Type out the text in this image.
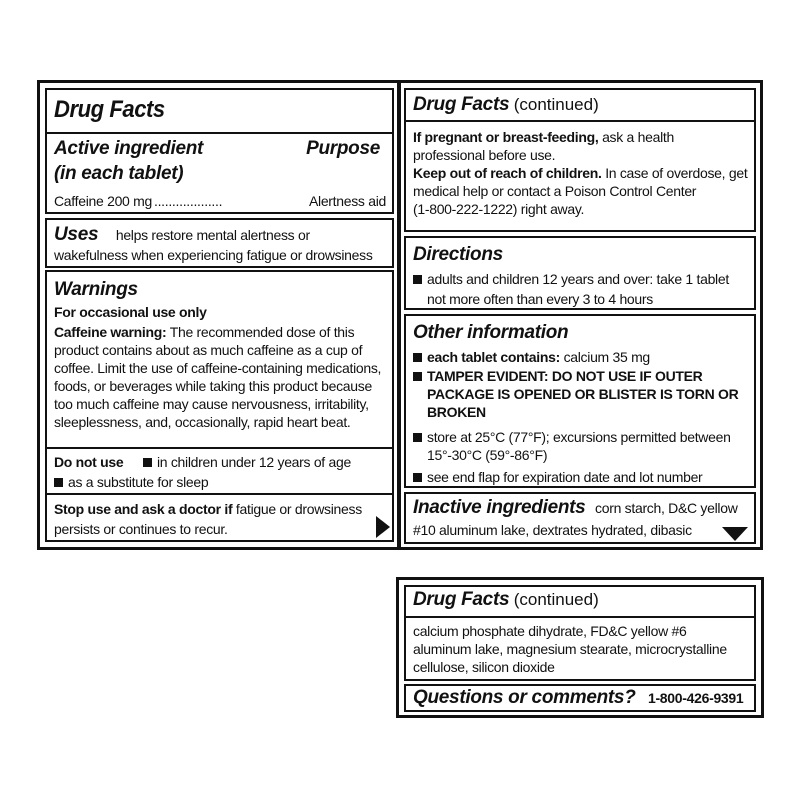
Drug Facts
Active ingredient
(in each tablet)
Purpose
Caffeine 200 mg ...................	Alertness aid
Uses helps restore mental alertness or
wakefulness when experiencing fatigue or drowsiness
Warnings
For occasional use only
Caffeine warning: The recommended dose of this
product contains about as much caffeine as a cup of
coffee. Limit the use of caffeine-containing medications,
foods, or beverages while taking this product because
too much caffeine may cause nervousness, irritability,
sleeplessness, and, occasionally, rapid heart beat.
Do not use in children under 12 years of age
as a substitute for sleep
Stop use and ask a doctor if fatigue or drowsiness
persists or continues to recur.
Drug Facts (continued)
If pregnant or breast-feeding, ask a health
professional before use.
Keep out of reach of children. In case of overdose, get
medical help or contact a Poison Control Center
(1-800-222-1222) right away.
Directions
adults and children 12 years and over: take 1 tablet
not more often than every 3 to 4 hours
Other information
each tablet contains: calcium 35 mg
TAMPER EVIDENT: DO NOT USE IF OUTER
PACKAGE IS OPENED OR BLISTER IS TORN OR
BROKEN
store at 25°C (77°F); excursions permitted between
15°-30°C (59°-86°F)
see end flap for expiration date and lot number
Inactive ingredients corn starch, D&C yellow
#10 aluminum lake, dextrates hydrated, dibasic
Drug Facts (continued)
calcium phosphate dihydrate, FD&C yellow #6
aluminum lake, magnesium stearate, microcrystalline
cellulose, silicon dioxide
Questions or comments? 1-800-426-9391
